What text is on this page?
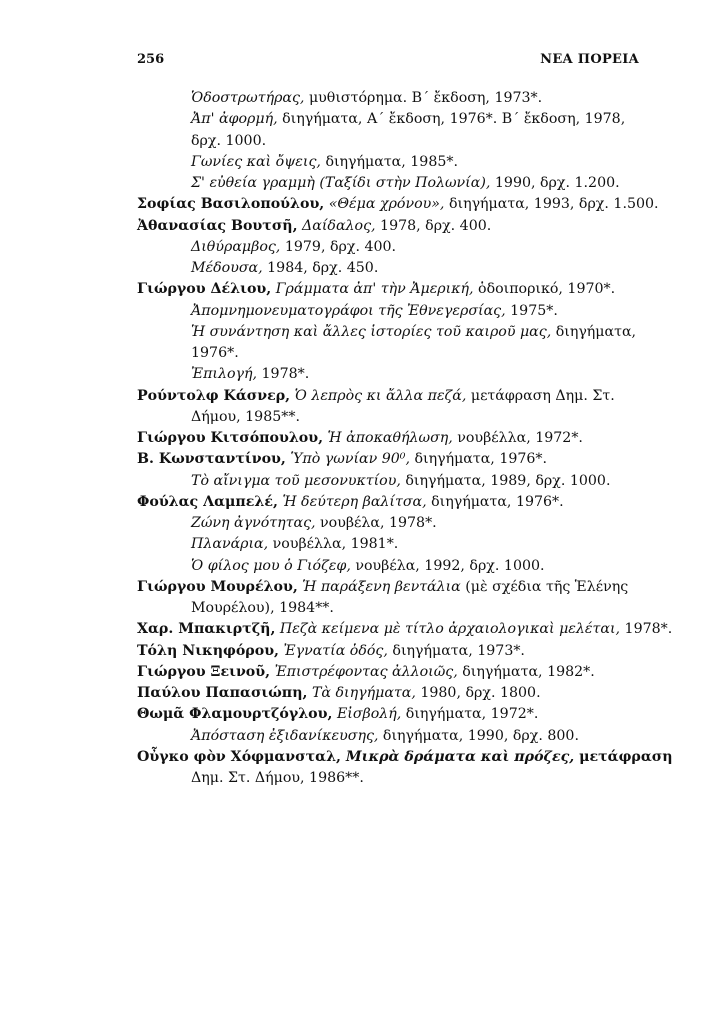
256	ΝΕΑ ΠΟΡΕΙΑ
Ὁδοστρωτήρας, μυθιστόρημα. Β΄ ἔκδοση, 1973*.
Ἀπ' ἀφορμή, διηγήματα, Α΄ ἔκδοση, 1976*. Β΄ ἔκδοση, 1978,
δρχ. 1000.
Γωνίες καὶ ὄψεις, διηγήματα, 1985*.
Σ' εὐθεία γραμμὴ (Ταξίδι στὴν Πολωνία), 1990, δρχ. 1.200.
Σοφίας Βασιλοπούλου, «Θέμα χρόνου», διηγήματα, 1993, δρχ. 1.500.
Ἀθανασίας Βουτσῆ, Δαίδαλος, 1978, δρχ. 400.
Διθύραμβος, 1979, δρχ. 400.
Μέδουσα, 1984, δρχ. 450.
Γιώργου Δέλιου, Γράμματα ἀπ' τὴν Ἀμερική, ὁδοιπορικό, 1970*.
Ἀπομνημονευματογράφοι τῆς Ἐθνεγερσίας, 1975*.
Ἡ συνάντηση καὶ ἄλλες ἱστορίες τοῦ καιροῦ μας, διηγήματα,
1976*.
Ἐπιλογή, 1978*.
Ρούντολφ Κάσνερ, Ὁ λεπρὸς κι ἄλλα πεζά, μετάφραση Δημ. Στ.
Δήμου, 1985**.
Γιώργου Κιτσόπουλου, Ἡ ἀποκαθήλωση, νουβέλλα, 1972*.
Β. Κωνσταντίνου, Ὑπὸ γωνίαν 90⁰, διηγήματα, 1976*.
Τὸ αἴνιγμα τοῦ μεσονυκτίου, διηγήματα, 1989, δρχ. 1000.
Φούλας Λαμπελέ, Ἡ δεύτερη βαλίτσα, διηγήματα, 1976*.
Ζώνη ἀγνότητας, νουβέλα, 1978*.
Πλανάρια, νουβέλλα, 1981*.
Ὁ φίλος μου ὁ Γιόζεφ, νουβέλα, 1992, δρχ. 1000.
Γιώργου Μουρέλου, Ἡ παράξενη βεντάλια (μὲ σχέδια τῆς Ἑλένης
Μουρέλου), 1984**.
Χαρ. Μπακιρτζῆ, Πεζὰ κείμενα μὲ τίτλο ἀρχαιολογικαὶ μελέται, 1978*.
Τόλη Νικηφόρου, Ἐγνατία ὁδός, διηγήματα, 1973*.
Γιώργου Ξεινοῦ, Ἐπιστρέφοντας ἀλλοιῶς, διηγήματα, 1982*.
Παύλου Παπασιώπη, Τὰ διηγήματα, 1980, δρχ. 1800.
Θωμᾶ Φλαμουρτζόγλου, Εἰσβολή, διηγήματα, 1972*.
Ἀπόσταση ἐξιδανίκευσης, διηγήματα, 1990, δρχ. 800.
Οὖγκο φὸν Χόφμανσταλ, Μικρὰ δράματα καὶ πρόζες, μετάφραση
Δημ. Στ. Δήμου, 1986**.
